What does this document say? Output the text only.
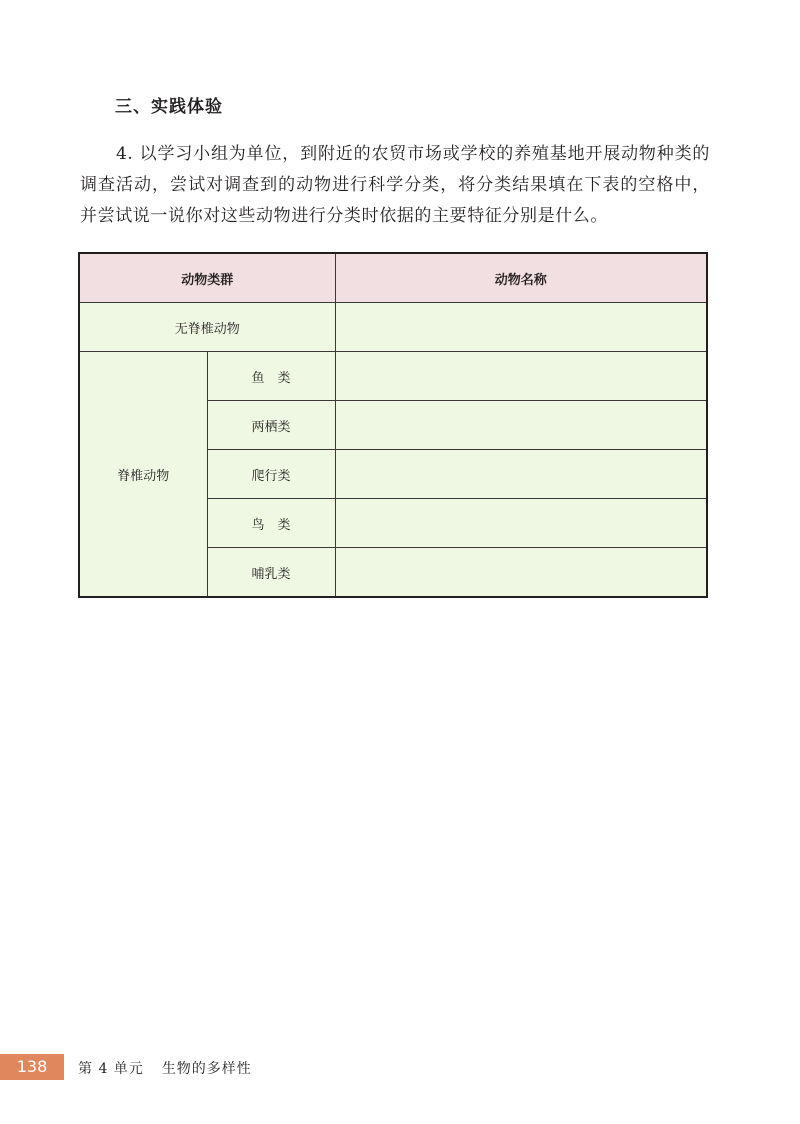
三、实践体验

4. 以学习小组为单位，到附近的农贸市场或学校的养殖基地开展动物种类的调查活动，尝试对调查到的动物进行科学分类，将分类结果填在下表的空格中，并尝试说一说你对这些动物进行分类时依据的主要特征分别是什么。

动物类群		动物名称
无脊椎动物		
脊椎动物	鱼　类	
	两栖类	
	爬行类	
	鸟　类	
	哺乳类	
138	第 4 单元 生物的多样性
